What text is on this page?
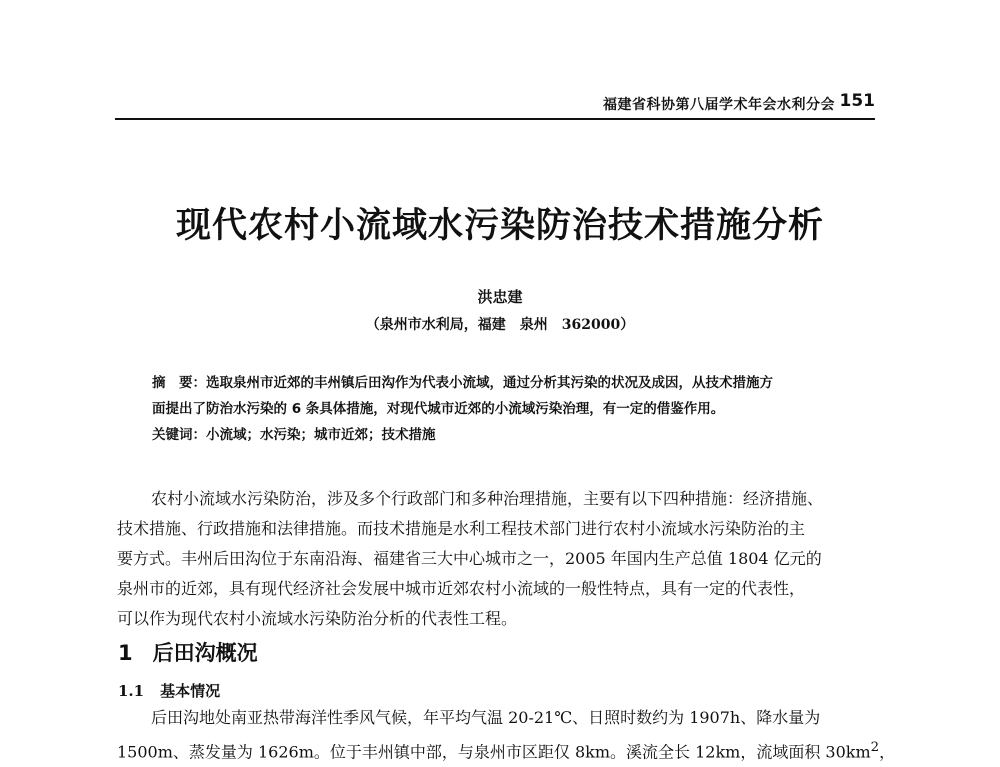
福建省科协第八届学术年会水利分会 151
现代农村小流域水污染防治技术措施分析
洪忠建
（泉州市水利局，福建　泉州　362000）
摘　要：选取泉州市近郊的丰州镇后田沟作为代表小流域，通过分析其污染的状况及成因，从技术措施方
面提出了防治水污染的 6 条具体措施，对现代城市近郊的小流域污染治理，有一定的借鉴作用。
关键词：小流域；水污染；城市近郊；技术措施
农村小流域水污染防治，涉及多个行政部门和多种治理措施，主要有以下四种措施：经济措施、
技术措施、行政措施和法律措施。而技术措施是水利工程技术部门进行农村小流域水污染防治的主
要方式。丰州后田沟位于东南沿海、福建省三大中心城市之一，2005 年国内生产总值 1804 亿元的
泉州市的近郊，具有现代经济社会发展中城市近郊农村小流域的一般性特点，具有一定的代表性，
可以作为现代农村小流域水污染防治分析的代表性工程。
1 后田沟概况
1.1 基本情况
后田沟地处南亚热带海洋性季风气候，年平均气温 20-21℃、日照时数约为 1907h、降水量为
1500m、蒸发量为 1626m。位于丰州镇中部，与泉州市区距仅 8km。溪流全长 12km，流域面积 $30km^2$，
